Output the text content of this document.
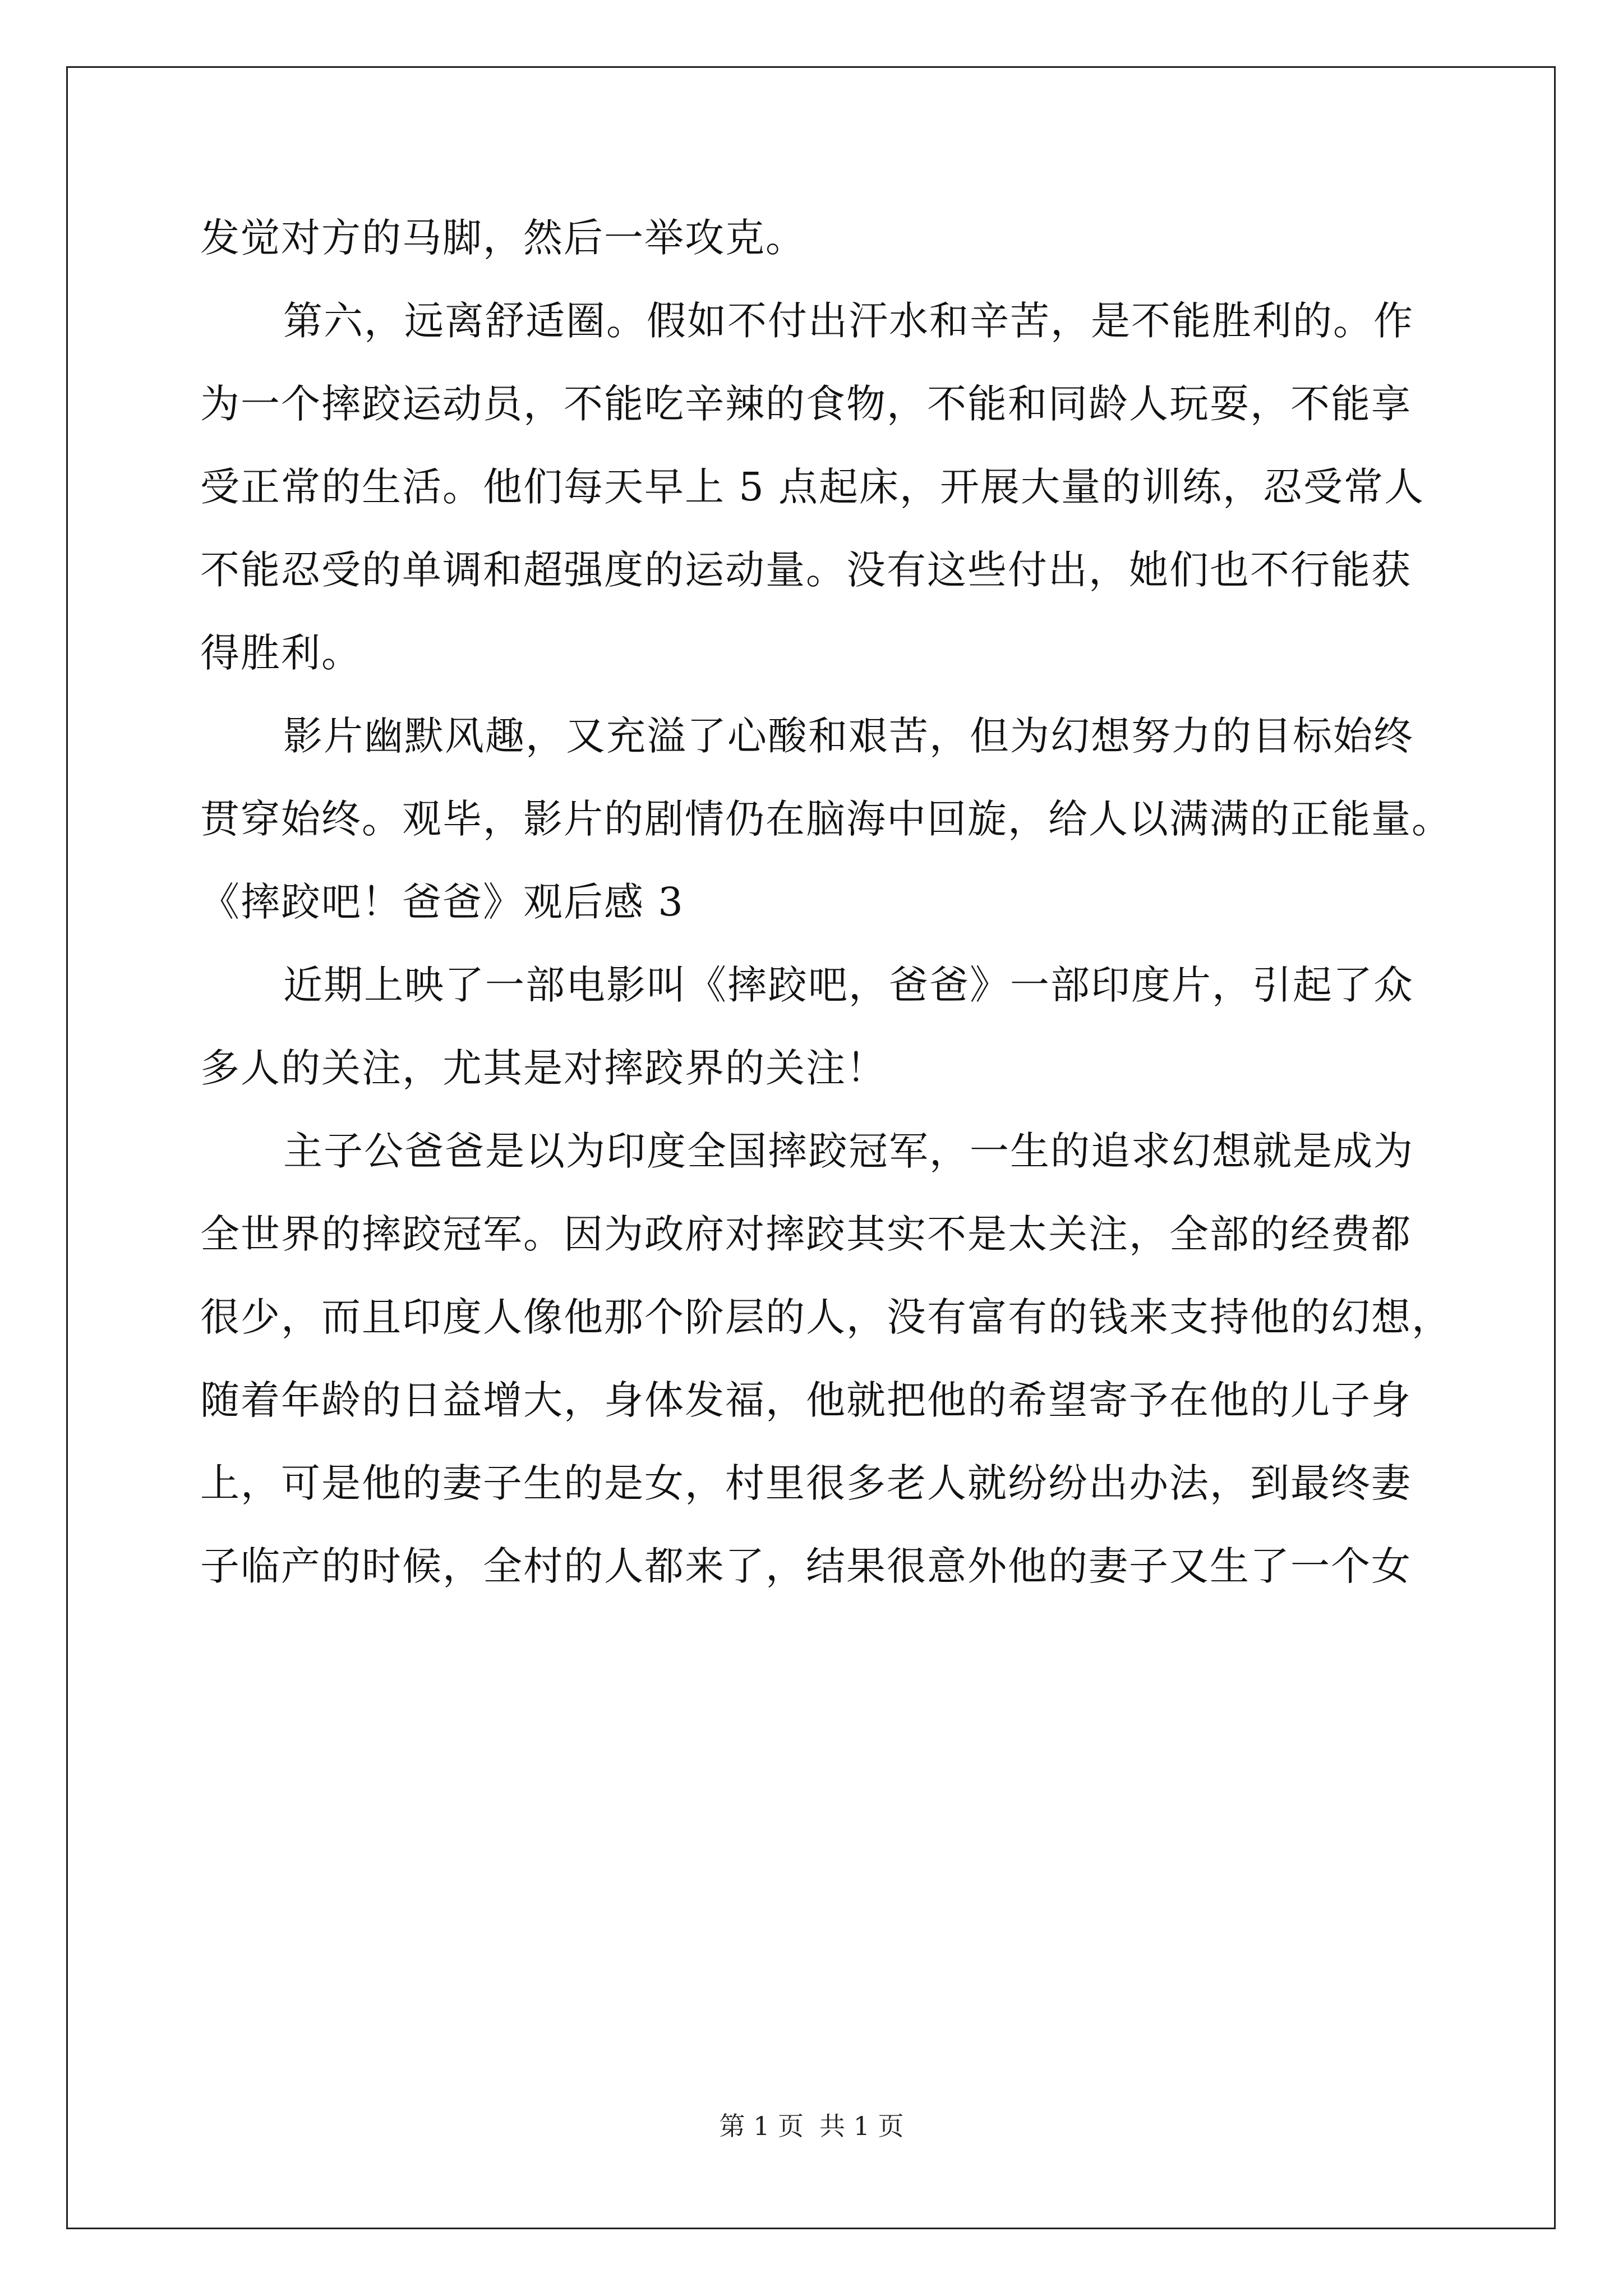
发觉对方的马脚，然后一举攻克。
第六，远离舒适圈。假如不付出汗水和辛苦，是不能胜利的。作
为一个摔跤运动员，不能吃辛辣的食物，不能和同龄人玩耍，不能享
受正常的生活。他们每天早上 5 点起床，开展大量的训练，忍受常人
不能忍受的单调和超强度的运动量。没有这些付出，她们也不行能获
得胜利。
影片幽默风趣，又充溢了心酸和艰苦，但为幻想努力的目标始终
贯穿始终。观毕，影片的剧情仍在脑海中回旋，给人以满满的正能量。
《摔跤吧！爸爸》观后感 3
近期上映了一部电影叫《摔跤吧，爸爸》一部印度片，引起了众
多人的关注，尤其是对摔跤界的关注！
主子公爸爸是以为印度全国摔跤冠军，一生的追求幻想就是成为
全世界的摔跤冠军。因为政府对摔跤其实不是太关注，全部的经费都
很少，而且印度人像他那个阶层的人，没有富有的钱来支持他的幻想，
随着年龄的日益增大，身体发福，他就把他的希望寄予在他的儿子身
上，可是他的妻子生的是女，村里很多老人就纷纷出办法，到最终妻
子临产的时候，全村的人都来了，结果很意外他的妻子又生了一个女
第 1 页 共 1 页
